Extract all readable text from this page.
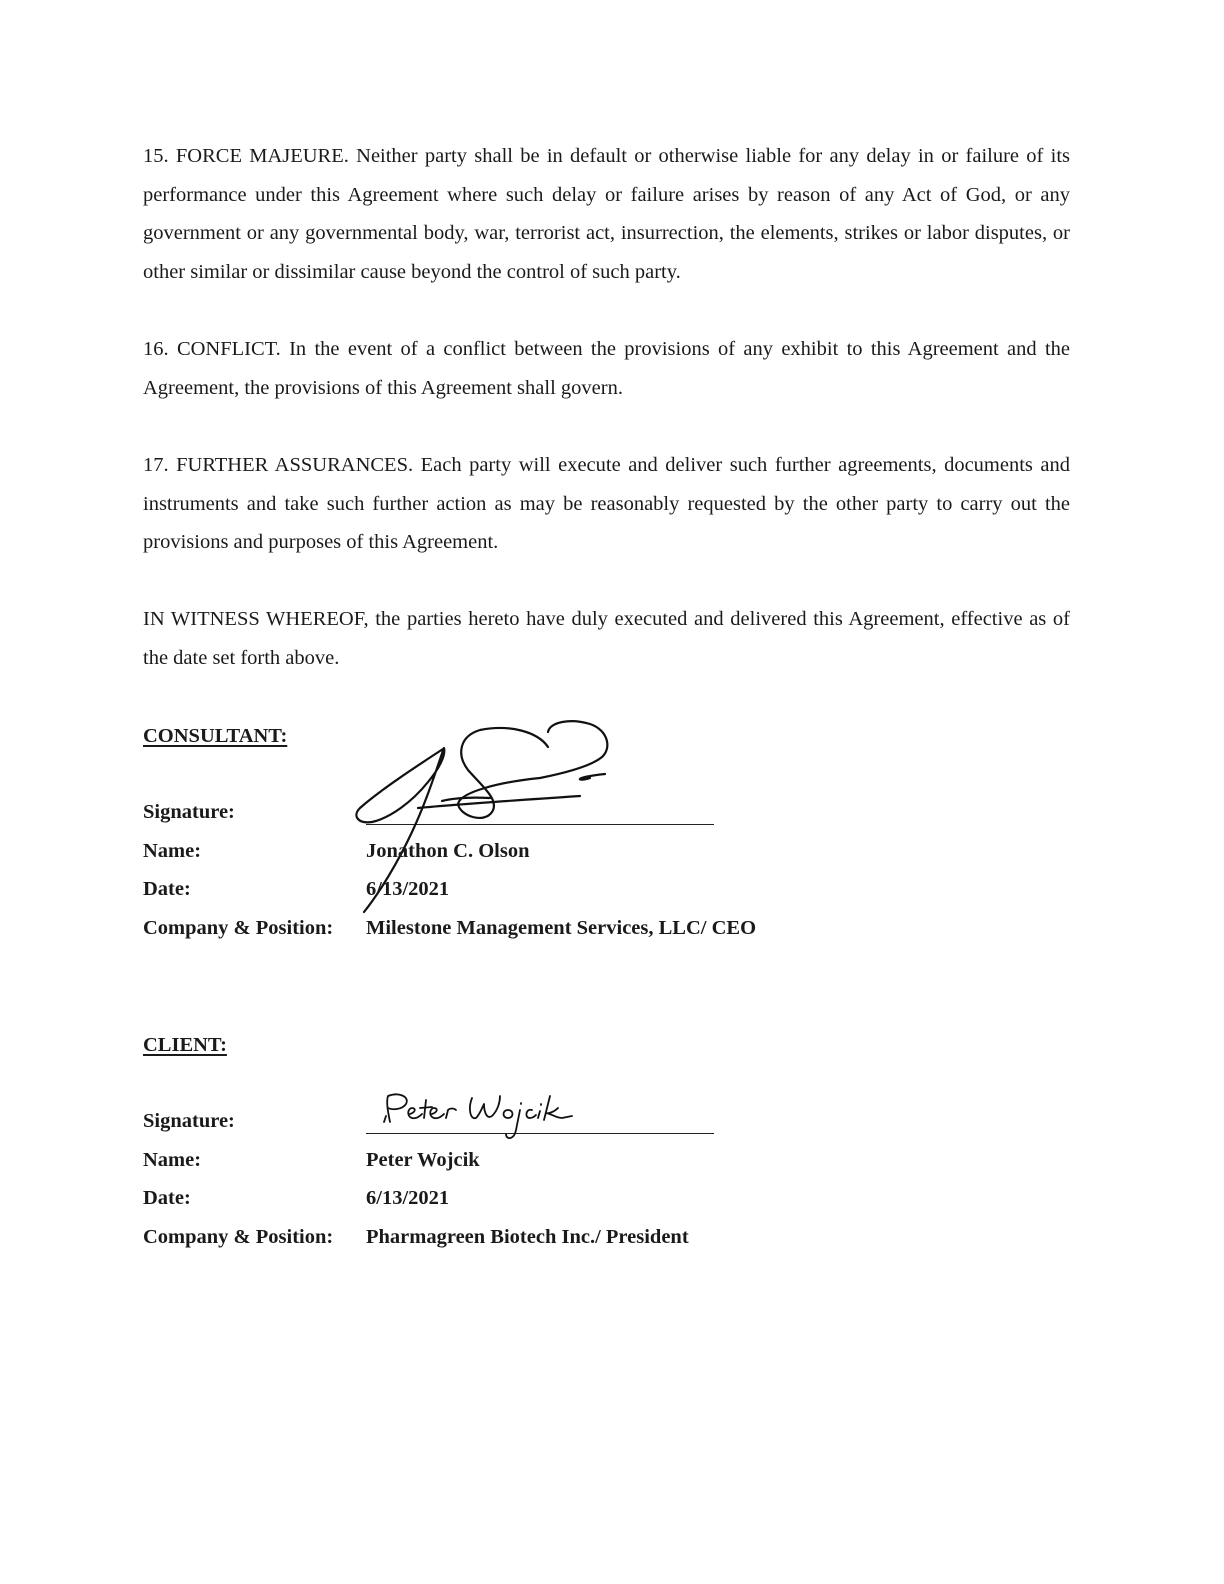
15. FORCE MAJEURE. Neither party shall be in default or otherwise liable for any delay in or failure of its performance under this Agreement where such delay or failure arises by reason of any Act of God, or any government or any governmental body, war, terrorist act, insurrection, the elements, strikes or labor disputes, or other similar or dissimilar cause beyond the control of such party.

16. CONFLICT. In the event of a conflict between the provisions of any exhibit to this Agreement and the Agreement, the provisions of this Agreement shall govern.

17. FURTHER ASSURANCES. Each party will execute and deliver such further agreements, documents and instruments and take such further action as may be reasonably requested by the other party to carry out the provisions and purposes of this Agreement.

IN WITNESS WHEREOF, the parties hereto have duly executed and delivered this Agreement, effective as of the date set forth above.

CONSULTANT:
Signature:
Name:	Jonathon C. Olson
Date:	6/13/2021
Company & Position: Milestone Management Services, LLC/ CEO
CLIENT:
Signature:
Name:	Peter Wojcik
Date:	6/13/2021
Company & Position: Pharmagreen Biotech Inc./ President
